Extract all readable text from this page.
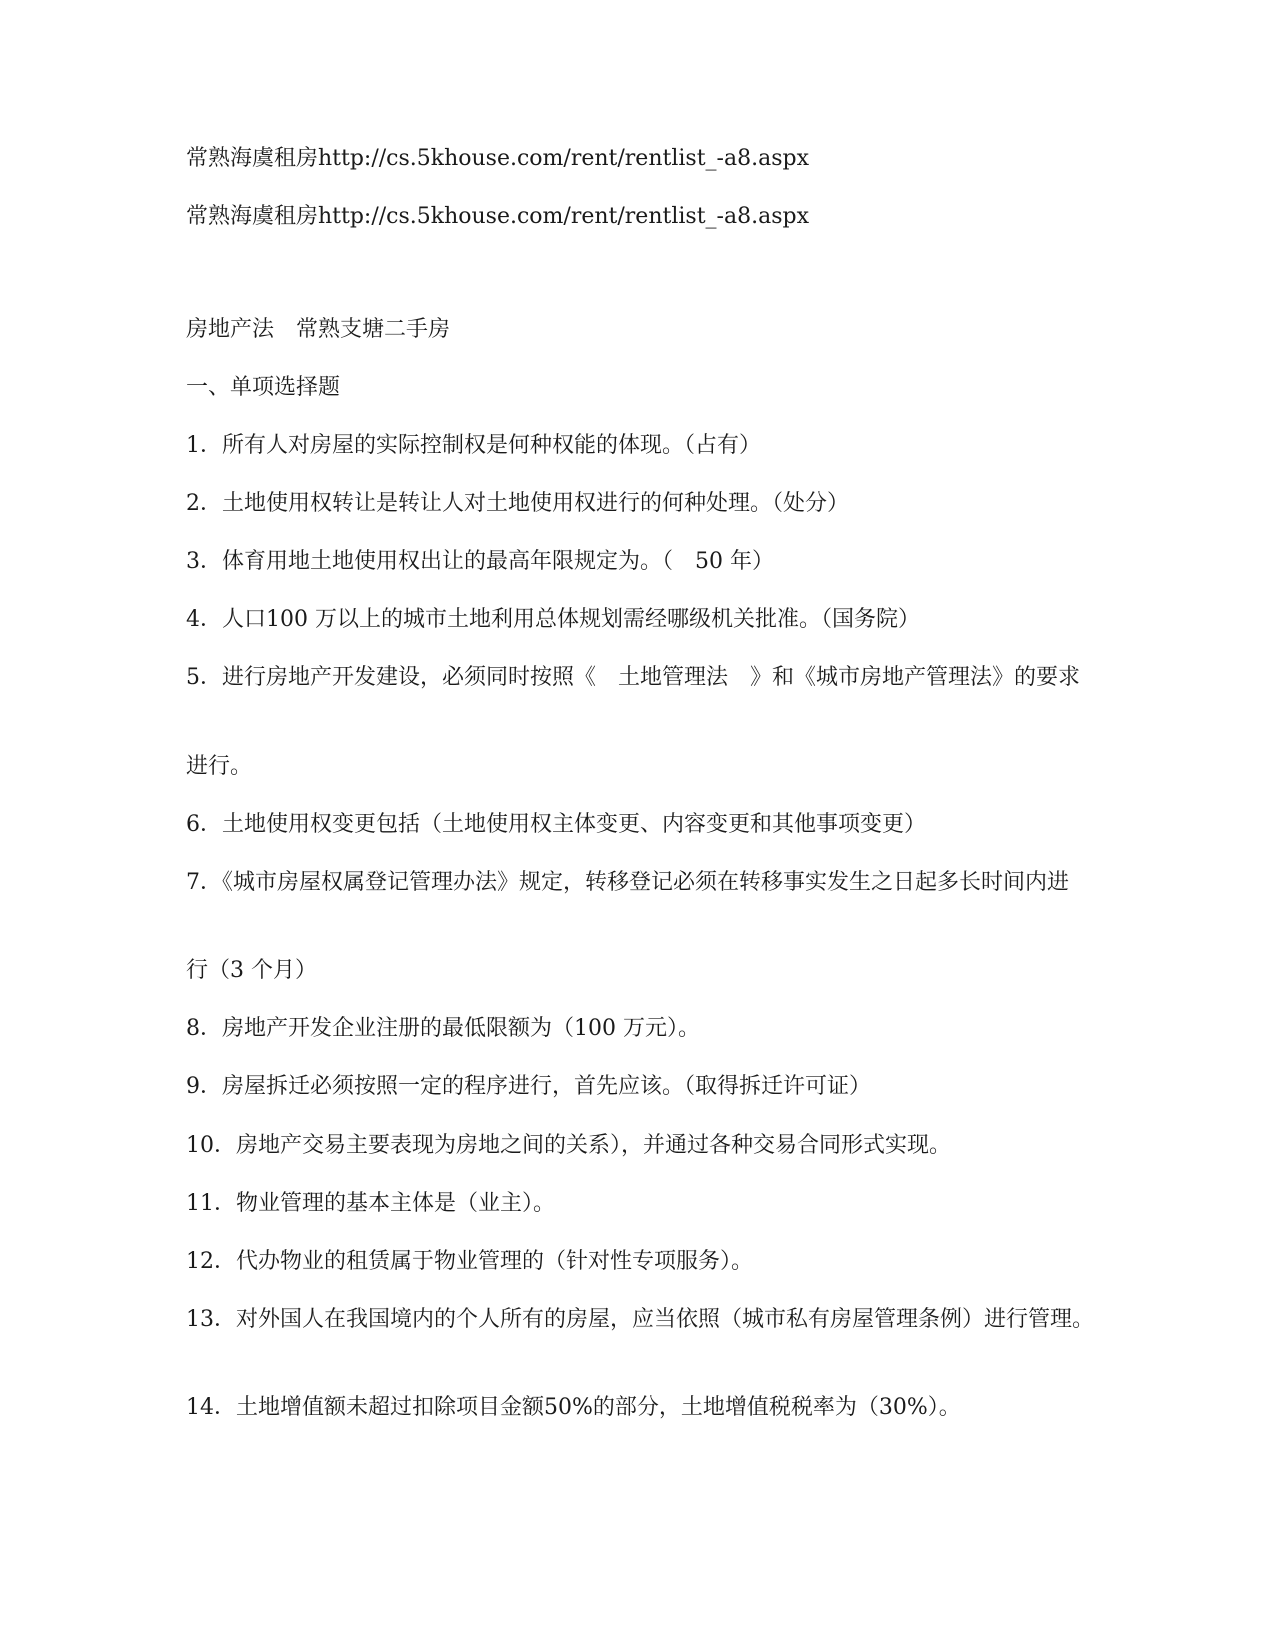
常熟海虞租房http://cs.5khouse.com/rent/rentlist_-a8.aspx
常熟海虞租房http://cs.5khouse.com/rent/rentlist_-a8.aspx
房地产法　常熟支塘二手房
一、单项选择题
1．所有人对房屋的实际控制权是何种权能的体现。（占有）
2．土地使用权转让是转让人对土地使用权进行的何种处理。（处分）
3．体育用地土地使用权出让的最高年限规定为。（　50 年）
4．人口100 万以上的城市土地利用总体规划需经哪级机关批准。（国务院）
5．进行房地产开发建设，必须同时按照《　土地管理法　》和《城市房地产管理法》的要求
进行。
6．土地使用权变更包括（土地使用权主体变更、内容变更和其他事项变更）
7．《城市房屋权属登记管理办法》规定，转移登记必须在转移事实发生之日起多长时间内进
行（3 个月）
8．房地产开发企业注册的最低限额为（100 万元）。
9．房屋拆迁必须按照一定的程序进行，首先应该。（取得拆迁许可证）
10．房地产交易主要表现为房地之间的关系），并通过各种交易合同形式实现。
11．物业管理的基本主体是（业主）。
12．代办物业的租赁属于物业管理的（针对性专项服务）。
13．对外国人在我国境内的个人所有的房屋，应当依照（城市私有房屋管理条例）进行管理。
14．土地增值额未超过扣除项目金额50%的部分，土地增值税税率为（30%）。
